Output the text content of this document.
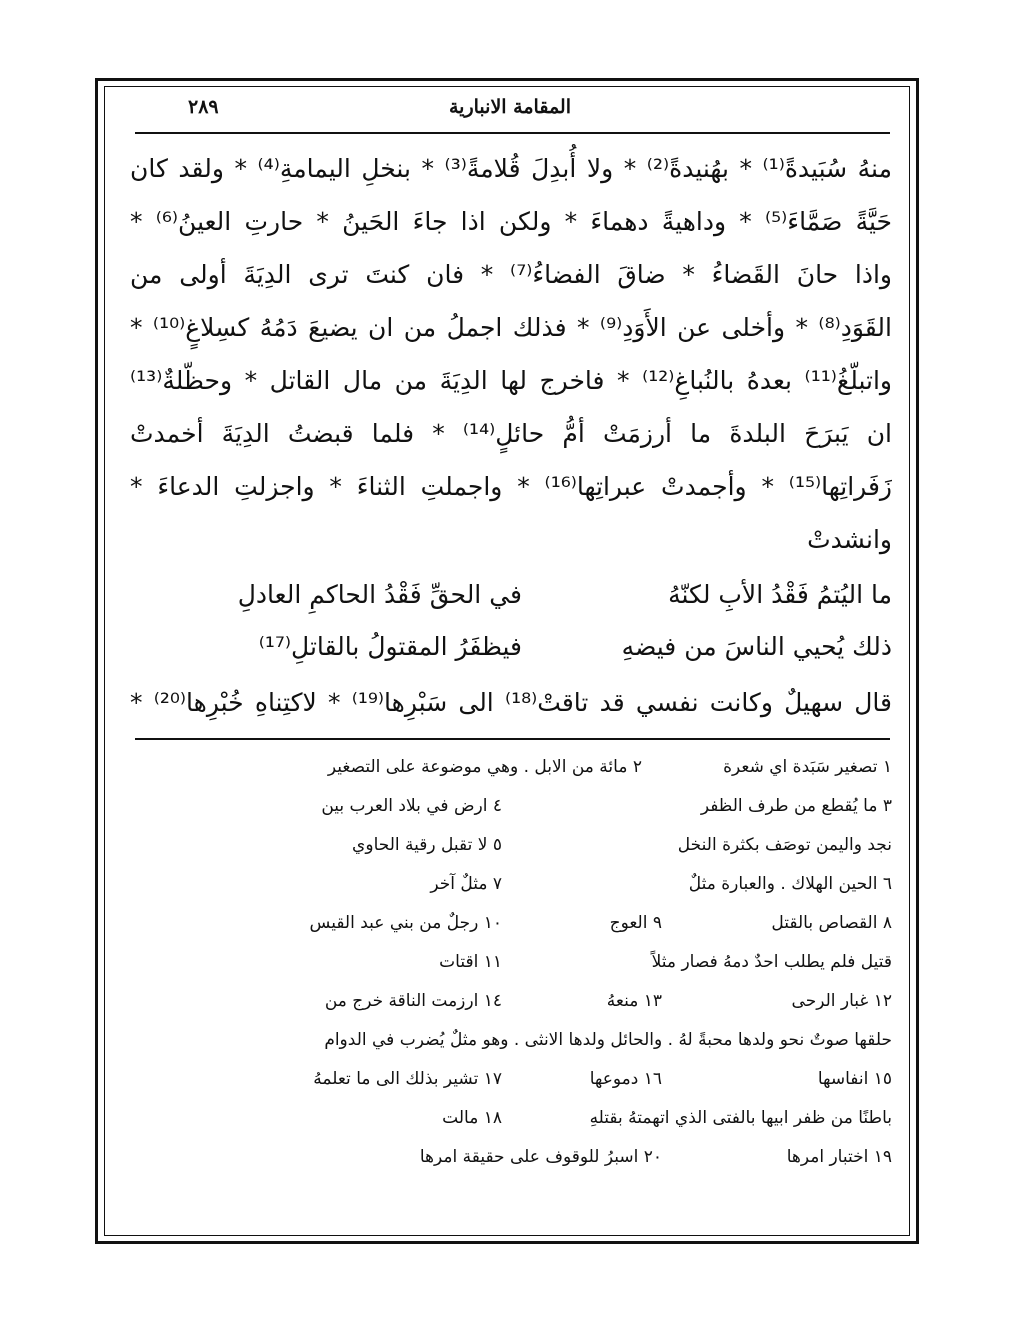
المقامة الانبارية
٢٨٩
منهُ سُبَيدةً⁽¹⁾ * بهُنيدةً⁽²⁾ * ولا أُبدِلَ قُلامةً⁽³⁾ * بنخلِ اليمامةِ⁽⁴⁾ * ولقد كان
حَيَّةً صَمَّاءَ⁽⁵⁾ * وداهيةً دهماءَ * ولكن اذا جاءَ الحَينُ * حارتِ العينُ⁽⁶⁾ *
واذا حانَ القَضاءُ * ضاقَ الفضاءُ⁽⁷⁾ * فان كنتَ ترى الدِيَةَ أولى من
القَوَدِ⁽⁸⁾ * وأخلى عن الأَوَدِ⁽⁹⁾ * فذلك اجملُ من ان يضيعَ دَمُهُ كسِلاغٍ⁽¹⁰⁾ *
واتبلّغُ⁽¹¹⁾ بعدهُ بالنُباغِ⁽¹²⁾ * فاخرج لها الدِيَةَ من مال القاتل * وحظّلةٌ⁽¹³⁾
ان يَبرَحَ البلدةَ ما أرزمَتْ أمُّ حائلٍ⁽¹⁴⁾ * فلما قبضتُ الدِيَةَ أخمدتْ
زَفَراتِها⁽¹⁵⁾ * وأجمدتْ عبراتِها⁽¹⁶⁾ * واجملتِ الثناءَ * واجزلتِ الدعاءَ *
وانشدتْ
ما اليُتمُ فَقْدُ الأبِ لكنّهُ
في الحقِّ فَقْدُ الحاكمِ العادلِ
ذلك يُحيي الناسَ من فيضهِ
فيظفَرُ المقتولُ بالقاتلِ⁽¹⁷⁾
قال سهيلٌ وكانت نفسي قد تاقتْ⁽¹⁸⁾ الى سَبْرِها⁽¹⁹⁾ * لاكتِناهِ خُبْرِها⁽²⁰⁾ *
١ تصغير سَبَدة اي شعرة
٢ مائة من الابل . وهي موضوعة على التصغير
٣ ما يُقطع من طرف الظفر
٤ ارض في بلاد العرب بين
نجد واليمن توصَف بكثرة النخل
٥ لا تقبل رقية الحاوي
٦ الحين الهلاك . والعبارة مثلٌ
٧ مثلٌ آخر
٨ القصاص بالقتل
٩ العوج
١٠ رجلٌ من بني عبد القيس
قتيل فلم يطلب احدٌ دمهُ فصار مثلاً
١١ اقتات
١٢ غبار الرحى
١٣ منعهُ
١٤ ارزمت الناقة خرج من
حلقها صوتٌ نحو ولدها محبةً لهُ . والحائل ولدها الانثى . وهو مثلٌ يُضرب في الدوام
١٥ انفاسها
١٦ دموعها
١٧ تشير بذلك الى ما تعلمهُ
باطنًا من ظفر ابيها بالفتى الذي اتهمتهُ بقتلهِ
١٨ مالت
١٩ اختبار امرها
٢٠ اسبرُ للوقوف على حقيقة امرها
